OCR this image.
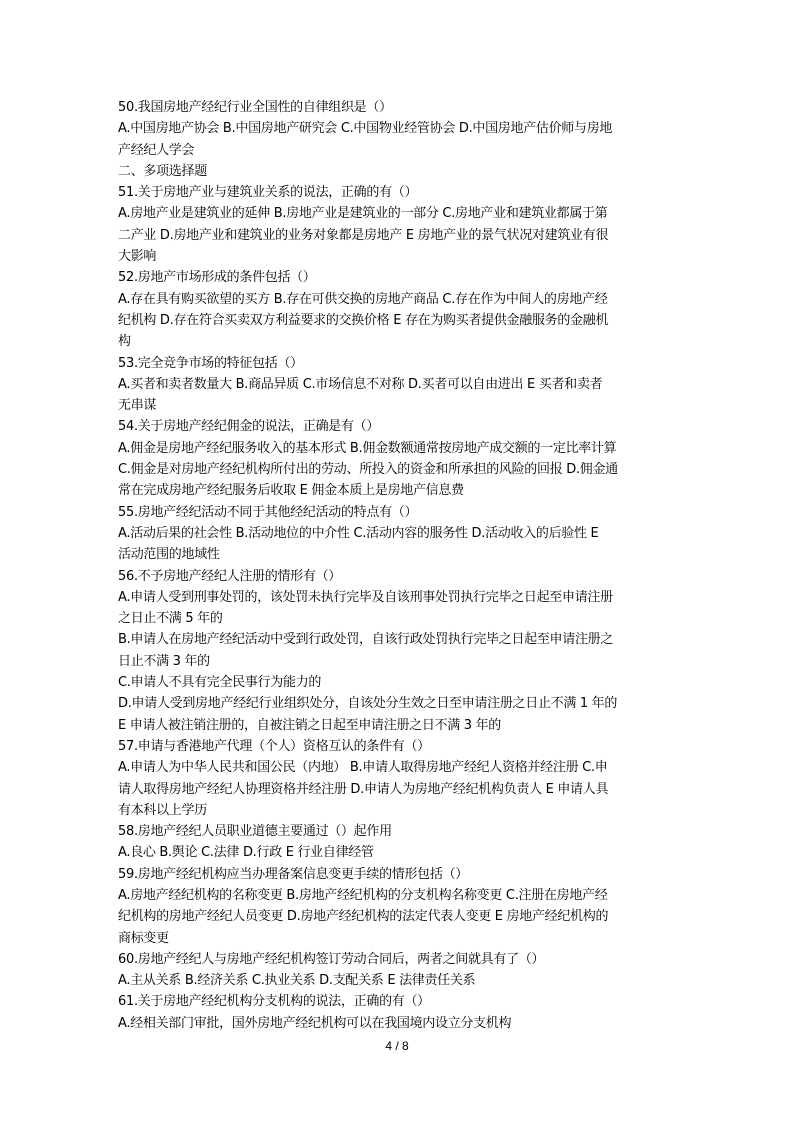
50.我国房地产经纪行业全国性的自律组织是（）
A.中国房地产协会 B.中国房地产研究会 C.中国物业经管协会 D.中国房地产估价师与房地
产经纪人学会
二、多项选择题
51.关于房地产业与建筑业关系的说法，正确的有（）
A.房地产业是建筑业的延伸 B.房地产业是建筑业的一部分 C.房地产业和建筑业都属于第
二产业 D.房地产业和建筑业的业务对象都是房地产 E 房地产业的景气状况对建筑业有很
大影响
52.房地产市场形成的条件包括（）
A.存在具有购买欲望的买方 B.存在可供交换的房地产商品 C.存在作为中间人的房地产经
纪机构 D.存在符合买卖双方利益要求的交换价格 E 存在为购买者提供金融服务的金融机
构
53.完全竞争市场的特征包括（）
A.买者和卖者数量大 B.商品异质 C.市场信息不对称 D.买者可以自由进出 E 买者和卖者
无串谋
54.关于房地产经纪佣金的说法，正确是有（）
A.佣金是房地产经纪服务收入的基本形式 B.佣金数额通常按房地产成交额的一定比率计算
C.佣金是对房地产经纪机构所付出的劳动、所投入的资金和所承担的风险的回报 D.佣金通
常在完成房地产经纪服务后收取 E 佣金本质上是房地产信息费
55.房地产经纪活动不同于其他经纪活动的特点有（）
A.活动后果的社会性 B.活动地位的中介性 C.活动内容的服务性 D.活动收入的后验性 E
活动范围的地域性
56.不予房地产经纪人注册的情形有（）
A.申请人受到刑事处罚的，该处罚未执行完毕及自该刑事处罚执行完毕之日起至申请注册
之日止不满 5 年的
B.申请人在房地产经纪活动中受到行政处罚，自该行政处罚执行完毕之日起至申请注册之
日止不满 3 年的
C.申请人不具有完全民事行为能力的
D.申请人受到房地产经纪行业组织处分，自该处分生效之日至申请注册之日止不满 1 年的
E 申请人被注销注册的，自被注销之日起至申请注册之日不满 3 年的
57.申请与香港地产代理（个人）资格互认的条件有（）
A.申请人为中华人民共和国公民（内地） B.申请人取得房地产经纪人资格并经注册 C.申
请人取得房地产经纪人协理资格并经注册 D.申请人为房地产经纪机构负责人 E 申请人具
有本科以上学历
58.房地产经纪人员职业道德主要通过（）起作用
A.良心 B.舆论 C.法律 D.行政 E 行业自律经管
59.房地产经纪机构应当办理备案信息变更手续的情形包括（）
A.房地产经纪机构的名称变更 B.房地产经纪机构的分支机构名称变更 C.注册在房地产经
纪机构的房地产经纪人员变更 D.房地产经纪机构的法定代表人变更 E 房地产经纪机构的
商标变更
60.房地产经纪人与房地产经纪机构签订劳动合同后，两者之间就具有了（）
A.主从关系 B.经济关系 C.执业关系 D.支配关系 E 法律责任关系
61.关于房地产经纪机构分支机构的说法，正确的有（）
A.经相关部门审批，国外房地产经纪机构可以在我国境内设立分支机构
4 / 8
